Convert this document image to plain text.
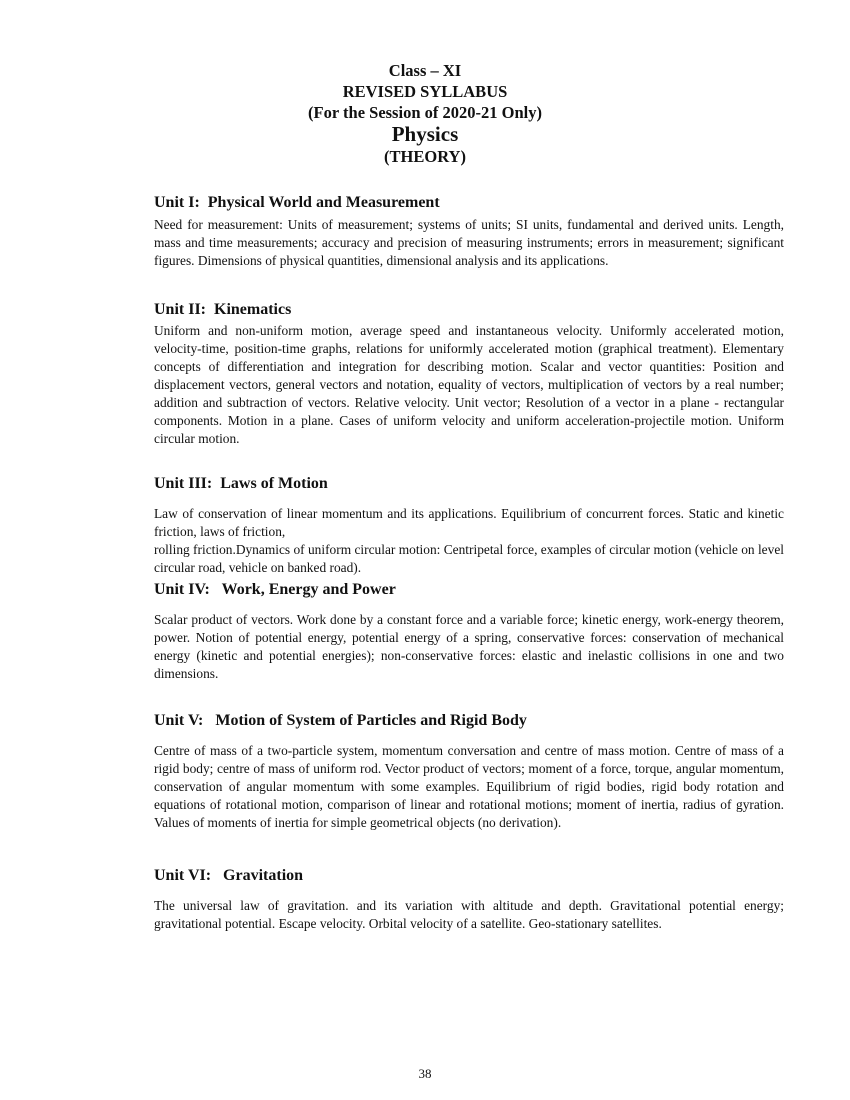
Class – XI
REVISED SYLLABUS
(For the Session of 2020-21 Only)
Physics
(THEORY)
Unit I:  Physical World and Measurement
Need for measurement: Units of measurement; systems of units; SI units, fundamental and derived units. Length, mass and time measurements; accuracy and precision of measuring instruments; errors in measurement; significant figures. Dimensions of physical quantities, dimensional analysis and its applications.
Unit II:  Kinematics
Uniform and non-uniform motion, average speed and instantaneous velocity. Uniformly accelerated motion, velocity-time, position-time graphs, relations for uniformly accelerated motion (graphical treatment). Elementary concepts of differentiation and integration for describing motion. Scalar and vector quantities: Position and displacement vectors, general vectors and notation, equality of vectors, multiplication of vectors by a real number; addition and subtraction of vectors. Relative velocity. Unit vector; Resolution of a vector in a plane - rectangular components. Motion in a plane. Cases of uniform velocity and uniform acceleration-projectile motion. Uniform circular motion.
Unit III:  Laws of Motion
Law of conservation of linear momentum and its applications. Equilibrium of concurrent forces. Static and kinetic friction, laws of friction,
rolling friction.Dynamics of uniform circular motion: Centripetal force, examples of circular motion (vehicle on level circular road, vehicle on banked road).
Unit IV:   Work, Energy and Power
Scalar product of vectors. Work done by a constant force and a variable force; kinetic energy, work-energy theorem, power. Notion of potential energy, potential energy of a spring, conservative forces: conservation of mechanical energy (kinetic and potential energies); non-conservative forces: elastic and inelastic collisions in one and two dimensions.
Unit V:   Motion of System of Particles and Rigid Body
Centre of mass of a two-particle system, momentum conversation and centre of mass motion. Centre of mass of a rigid body; centre of mass of uniform rod. Vector product of vectors; moment of a force, torque, angular momentum, conservation of angular momentum with some examples. Equilibrium of rigid bodies, rigid body rotation and equations of rotational motion, comparison of linear and rotational motions; moment of inertia, radius of gyration. Values of moments of inertia for simple geometrical objects (no derivation).
Unit VI:   Gravitation
The universal law of gravitation. and its variation with altitude and depth. Gravitational potential energy; gravitational potential. Escape velocity. Orbital velocity of a satellite. Geo-stationary satellites.
38
